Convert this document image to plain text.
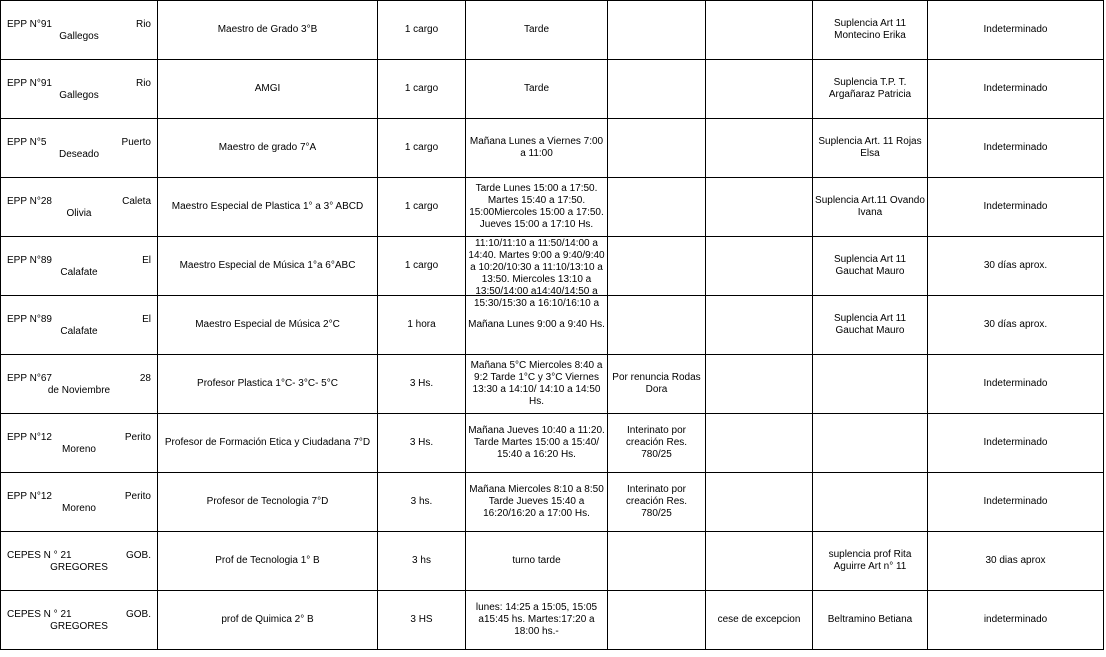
EPP N°91 Rio
Gallegos	Maestro de Grado 3°B	1 cargo	Tarde			Suplencia Art 11 Montecino Erika	Indeterminado

EPP N°91 Rio
Gallegos	AMGI	1 cargo	Tarde			Suplencia T.P. T. Argañaraz Patricia	Indeterminado

EPP N°5 Puerto
Deseado	Maestro de grado 7°A	1 cargo	Mañana Lunes a Viernes 7:00 a 11:00			Suplencia Art. 11 Rojas Elsa	Indeterminado

EPP N°28 Caleta
Olivia	Maestro Especial de Plastica 1° a 3° ABCD	1 cargo	Tarde Lunes 15:00 a 17:50. Martes 15:40 a 17:50. 15:00Miercoles 15:00 a 17:50. Jueves 15:00 a 17:10 Hs.			Suplencia Art.11 Ovando Ivana	Indeterminado

EPP N°89 El
Calafate	Maestro Especial de Música 1°a 6°ABC	1 cargo	11:10/11:10 a 11:50/14:00 a 14:40. Martes 9:00 a 9:40/9:40 a 10:20/10:30 a 11:10/13:10 a 13:50. Miercoles 13:10 a 13:50/14:00 a14:40/14:50 a 15:30/15:30 a 16:10/16:10 a			Suplencia Art 11 Gauchat Mauro	30 días aprox.

EPP N°89 El
Calafate	Maestro Especial de Música 2°C	1 hora	Mañana Lunes 9:00 a 9:40 Hs.			Suplencia Art 11 Gauchat Mauro	30 días aprox.

EPP N°67 28
de Noviembre	Profesor Plastica 1°C- 3°C- 5°C	3 Hs.	Mañana 5°C Miercoles 8:40 a 9:2 Tarde 1°C y 3°C Viernes 13:30 a 14:10/ 14:10 a 14:50 Hs.	Por renuncia Rodas Dora			Indeterminado

EPP N°12 Perito
Moreno	Profesor de Formación Etica y Ciudadana 7°D	3 Hs.	Mañana Jueves 10:40 a 11:20. Tarde Martes 15:00 a 15:40/ 15:40 a 16:20 Hs.	Interinato por creación Res. 780/25			Indeterminado

EPP N°12 Perito
Moreno	Profesor de Tecnologia 7°D	3 hs.	Mañana Miercoles 8:10 a 8:50 Tarde Jueves 15:40 a 16:20/16:20 a 17:00 Hs.	Interinato por creación Res. 780/25			Indeterminado

CEPES N ° 21 GOB.
GREGORES	Prof de Tecnologia 1° B	3 hs	turno tarde			suplencia prof Rita Aguirre Art n° 11	30 dias aprox

CEPES N ° 21 GOB.
GREGORES	prof de Quimica 2° B	3 HS	lunes: 14:25 a 15:05, 15:05 a15:45 hs. Martes:17:20 a 18:00 hs.-		cese de excepcion	Beltramino Betiana	indeterminado
